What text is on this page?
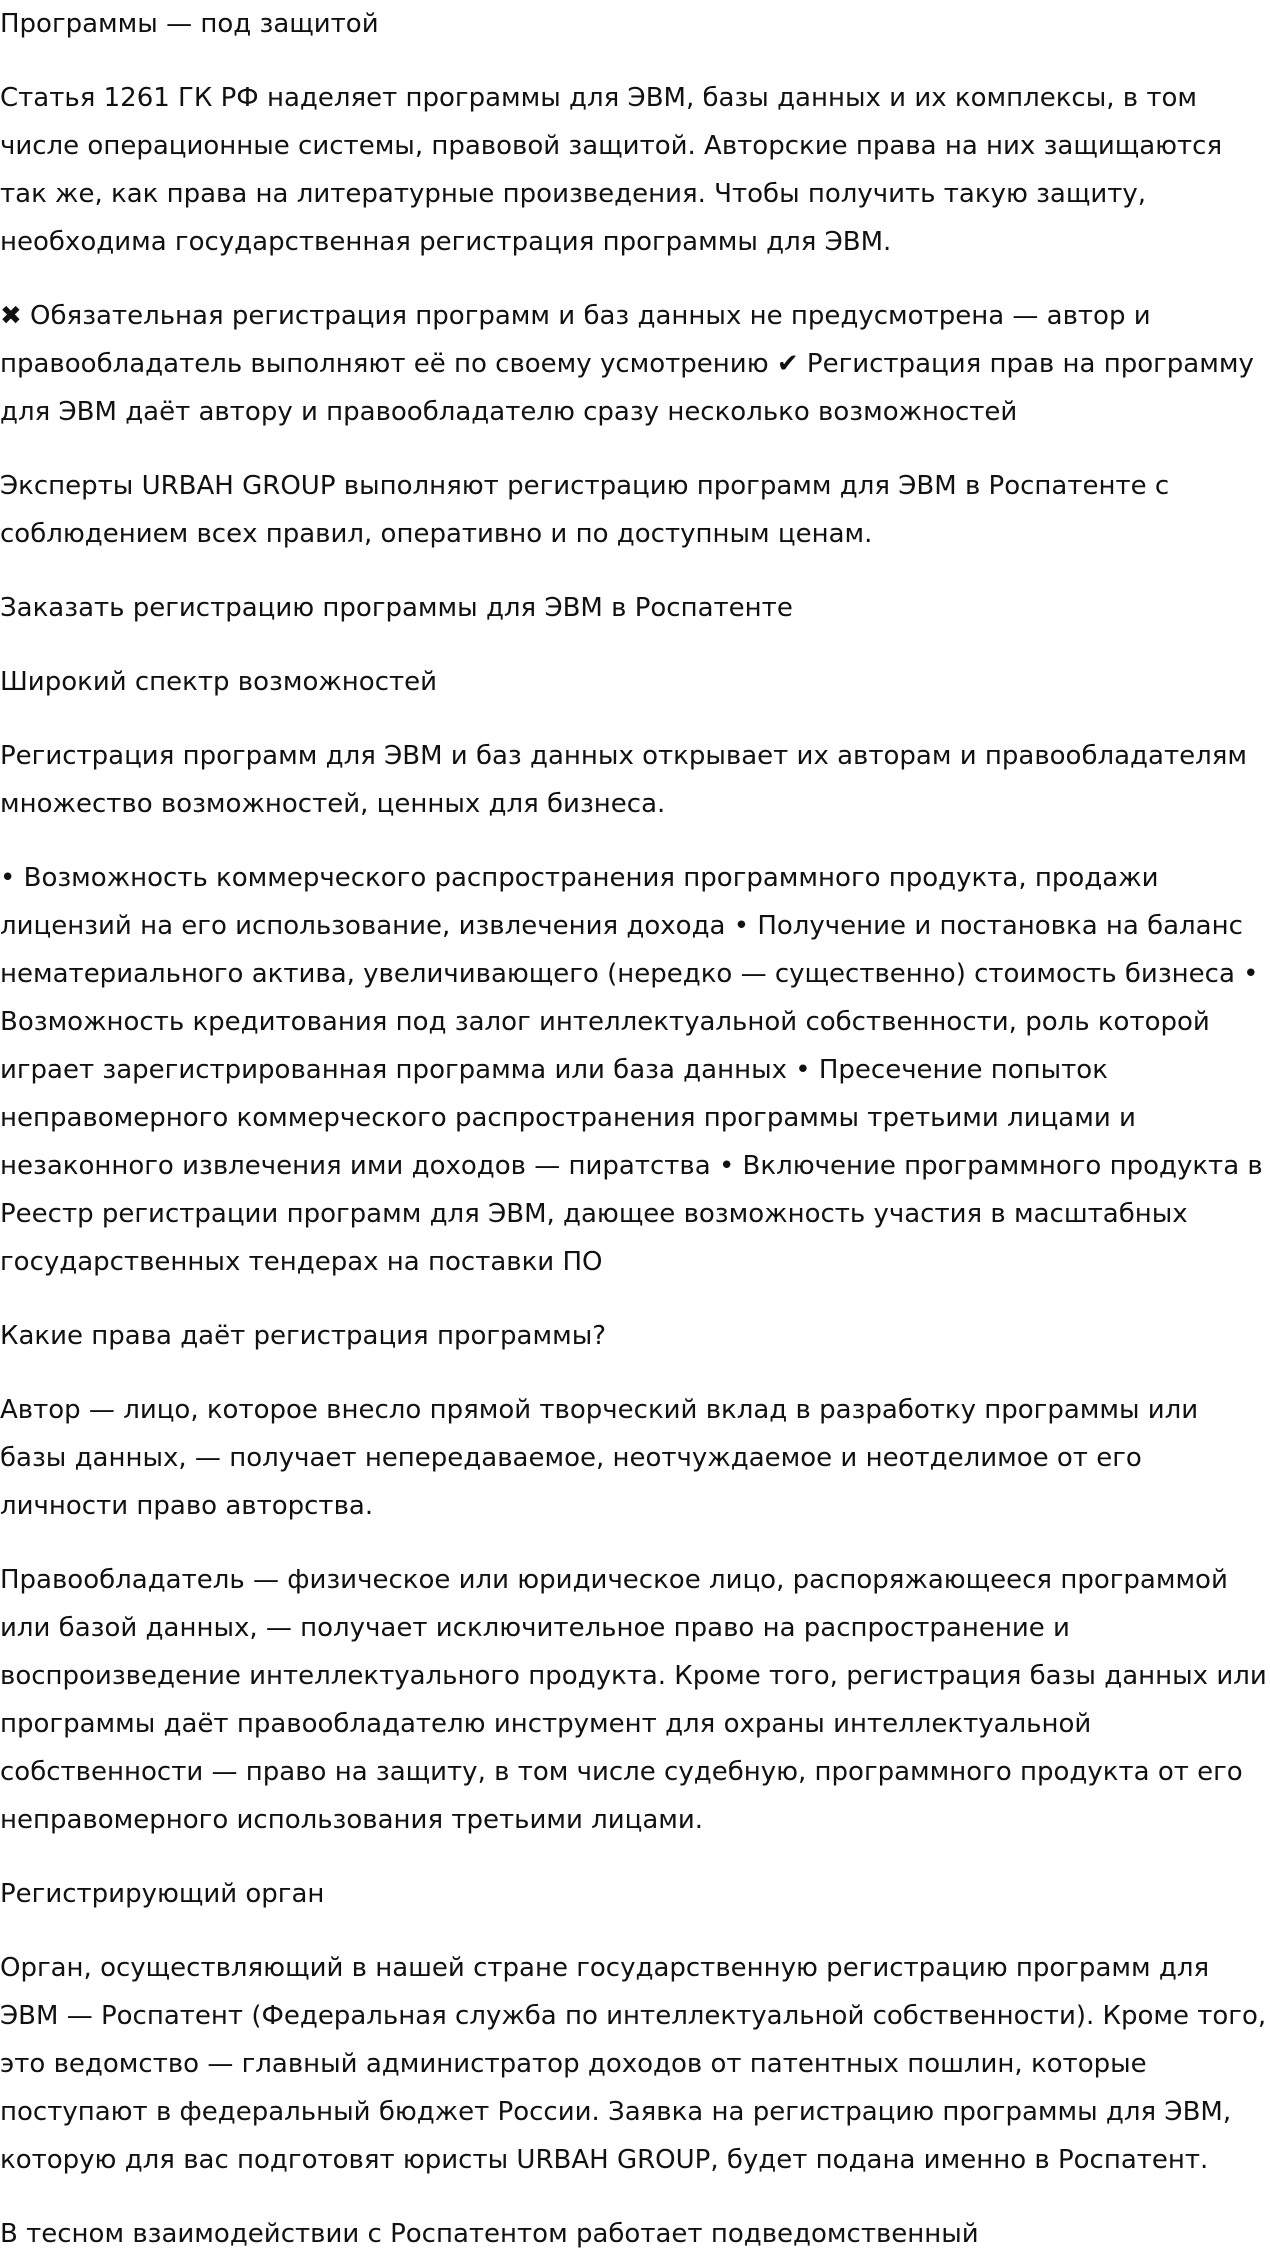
Программы — под защитой

Статья 1261 ГК РФ наделяет программы для ЭВМ, базы данных и их комплексы, в том числе операционные системы, правовой защитой. Авторские права на них защищаются так же, как права на литературные произведения. Чтобы получить такую защиту, необходима государственная регистрация программы для ЭВМ.

✖ Обязательная регистрация программ и баз данных не предусмотрена — автор и правообладатель выполняют её по своему усмотрению ✔ Регистрация прав на программу для ЭВМ даёт автору и правообладателю сразу несколько возможностей

Эксперты URBAH GROUP выполняют регистрацию программ для ЭВМ в Роспатенте с соблюдением всех правил, оперативно и по доступным ценам.

Заказать регистрацию программы для ЭВМ в Роспатенте

Широкий спектр возможностей

Регистрация программ для ЭВМ и баз данных открывает их авторам и правообладателям множество возможностей, ценных для бизнеса.

• Возможность коммерческого распространения программного продукта, продажи лицензий на его использование, извлечения дохода • Получение и постановка на баланс нематериального актива, увеличивающего (нередко — существенно) стоимость бизнеса • Возможность кредитования под залог интеллектуальной собственности, роль которой играет зарегистрированная программа или база данных • Пресечение попыток неправомерного коммерческого распространения программы третьими лицами и незаконного извлечения ими доходов — пиратства • Включение программного продукта в Реестр регистрации программ для ЭВМ, дающее возможность участия в масштабных государственных тендерах на поставки ПО

Какие права даёт регистрация программы?

Автор — лицо, которое внесло прямой творческий вклад в разработку программы или базы данных, — получает непередаваемое, неотчуждаемое и неотделимое от его личности право авторства.

Правообладатель — физическое или юридическое лицо, распоряжающееся программой или базой данных, — получает исключительное право на распространение и воспроизведение интеллектуального продукта. Кроме того, регистрация базы данных или программы даёт правообладателю инструмент для охраны интеллектуальной собственности — право на защиту, в том числе судебную, программного продукта от его неправомерного использования третьими лицами.

Регистрирующий орган

Орган, осуществляющий в нашей стране государственную регистрацию программ для ЭВМ — Роспатент (Федеральная служба по интеллектуальной собственности). Кроме того, это ведомство — главный администратор доходов от патентных пошлин, которые поступают в федеральный бюджет России. Заявка на регистрацию программы для ЭВМ, которую для вас подготовят юристы URBAH GROUP, будет подана именно в Роспатент.

В тесном взаимодействии с Роспатентом работает подведомственный
